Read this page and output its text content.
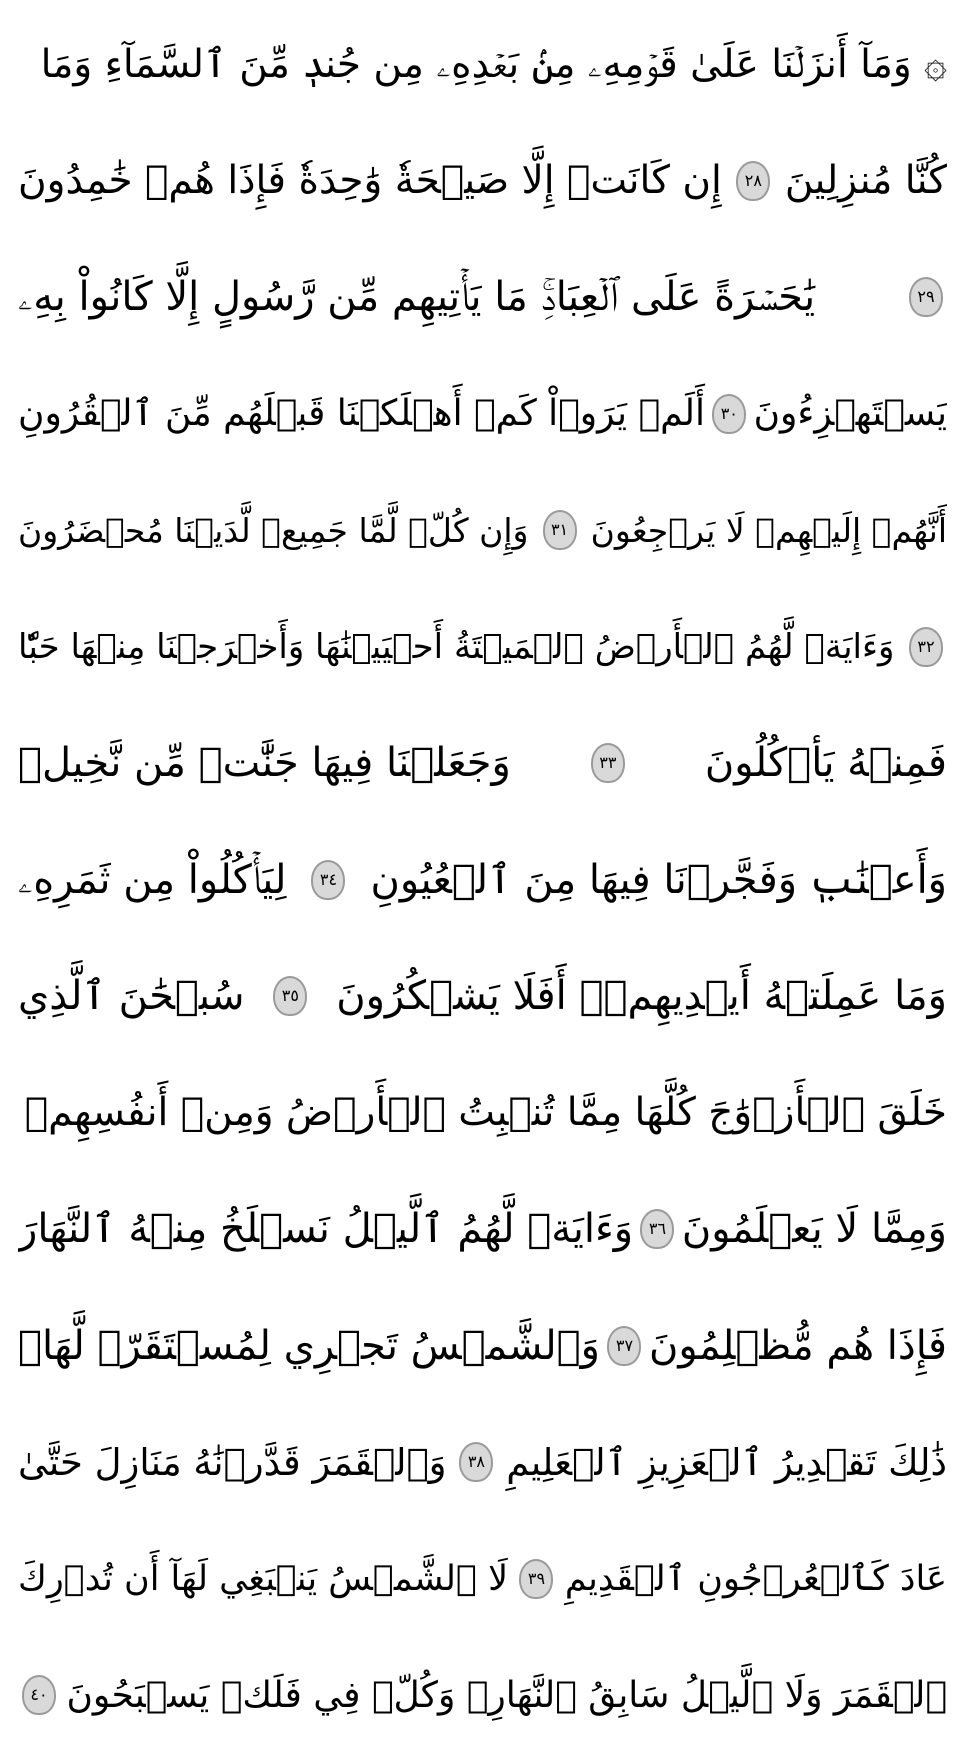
۞ وَمَآ أَنزَلۡنَا عَلَىٰ قَوۡمِهِۦ مِنۢ بَعۡدِهِۦ مِن جُندٖ مِّنَ ٱلسَّمَآءِ وَمَا
كُنَّا مُنزِلِينَ
٢٨
إِن كَانَتۡ إِلَّا صَيۡحَةٗ وَٰحِدَةٗ فَإِذَا هُمۡ خَٰمِدُونَ
٢٩
يَٰحَسۡرَةً عَلَى ٱلۡعِبَادِۚ مَا يَأۡتِيهِم مِّن رَّسُولٍ إِلَّا كَانُواْ بِهِۦ
يَسۡتَهۡزِءُونَ
٣٠
أَلَمۡ يَرَوۡاْ كَمۡ أَهۡلَكۡنَا قَبۡلَهُم مِّنَ ٱلۡقُرُونِ
أَنَّهُمۡ إِلَيۡهِمۡ لَا يَرۡجِعُونَ
٣١
وَإِن كُلّٞ لَّمَّا جَمِيعٞ لَّدَيۡنَا مُحۡضَرُونَ
٣٢
وَءَايَةٞ لَّهُمُ ٱلۡأَرۡضُ ٱلۡمَيۡتَةُ أَحۡيَيۡنَٰهَا وَأَخۡرَجۡنَا مِنۡهَا حَبّٗا
فَمِنۡهُ يَأۡكُلُونَ
٣٣
وَجَعَلۡنَا فِيهَا جَنَّٰتٖ مِّن نَّخِيلٖ
وَأَعۡنَٰبٖ وَفَجَّرۡنَا فِيهَا مِنَ ٱلۡعُيُونِ
٣٤
لِيَأۡكُلُواْ مِن ثَمَرِهِۦ
وَمَا عَمِلَتۡهُ أَيۡدِيهِمۡۚ أَفَلَا يَشۡكُرُونَ
٣٥
سُبۡحَٰنَ ٱلَّذِي
خَلَقَ ٱلۡأَزۡوَٰجَ كُلَّهَا مِمَّا تُنۢبِتُ ٱلۡأَرۡضُ وَمِنۡ أَنفُسِهِمۡ
وَمِمَّا لَا يَعۡلَمُونَ
٣٦
وَءَايَةٞ لَّهُمُ ٱلَّيۡلُ نَسۡلَخُ مِنۡهُ ٱلنَّهَارَ
فَإِذَا هُم مُّظۡلِمُونَ
٣٧
وَٱلشَّمۡسُ تَجۡرِي لِمُسۡتَقَرّٖ لَّهَاۚ
ذَٰلِكَ تَقۡدِيرُ ٱلۡعَزِيزِ ٱلۡعَلِيمِ
٣٨
وَٱلۡقَمَرَ قَدَّرۡنَٰهُ مَنَازِلَ حَتَّىٰ
عَادَ كَٱلۡعُرۡجُونِ ٱلۡقَدِيمِ
٣٩
لَا ٱلشَّمۡسُ يَنۢبَغِي لَهَآ أَن تُدۡرِكَ
ٱلۡقَمَرَ وَلَا ٱلَّيۡلُ سَابِقُ ٱلنَّهَارِۚ وَكُلّٞ فِي فَلَكٖ يَسۡبَحُونَ
٤٠
